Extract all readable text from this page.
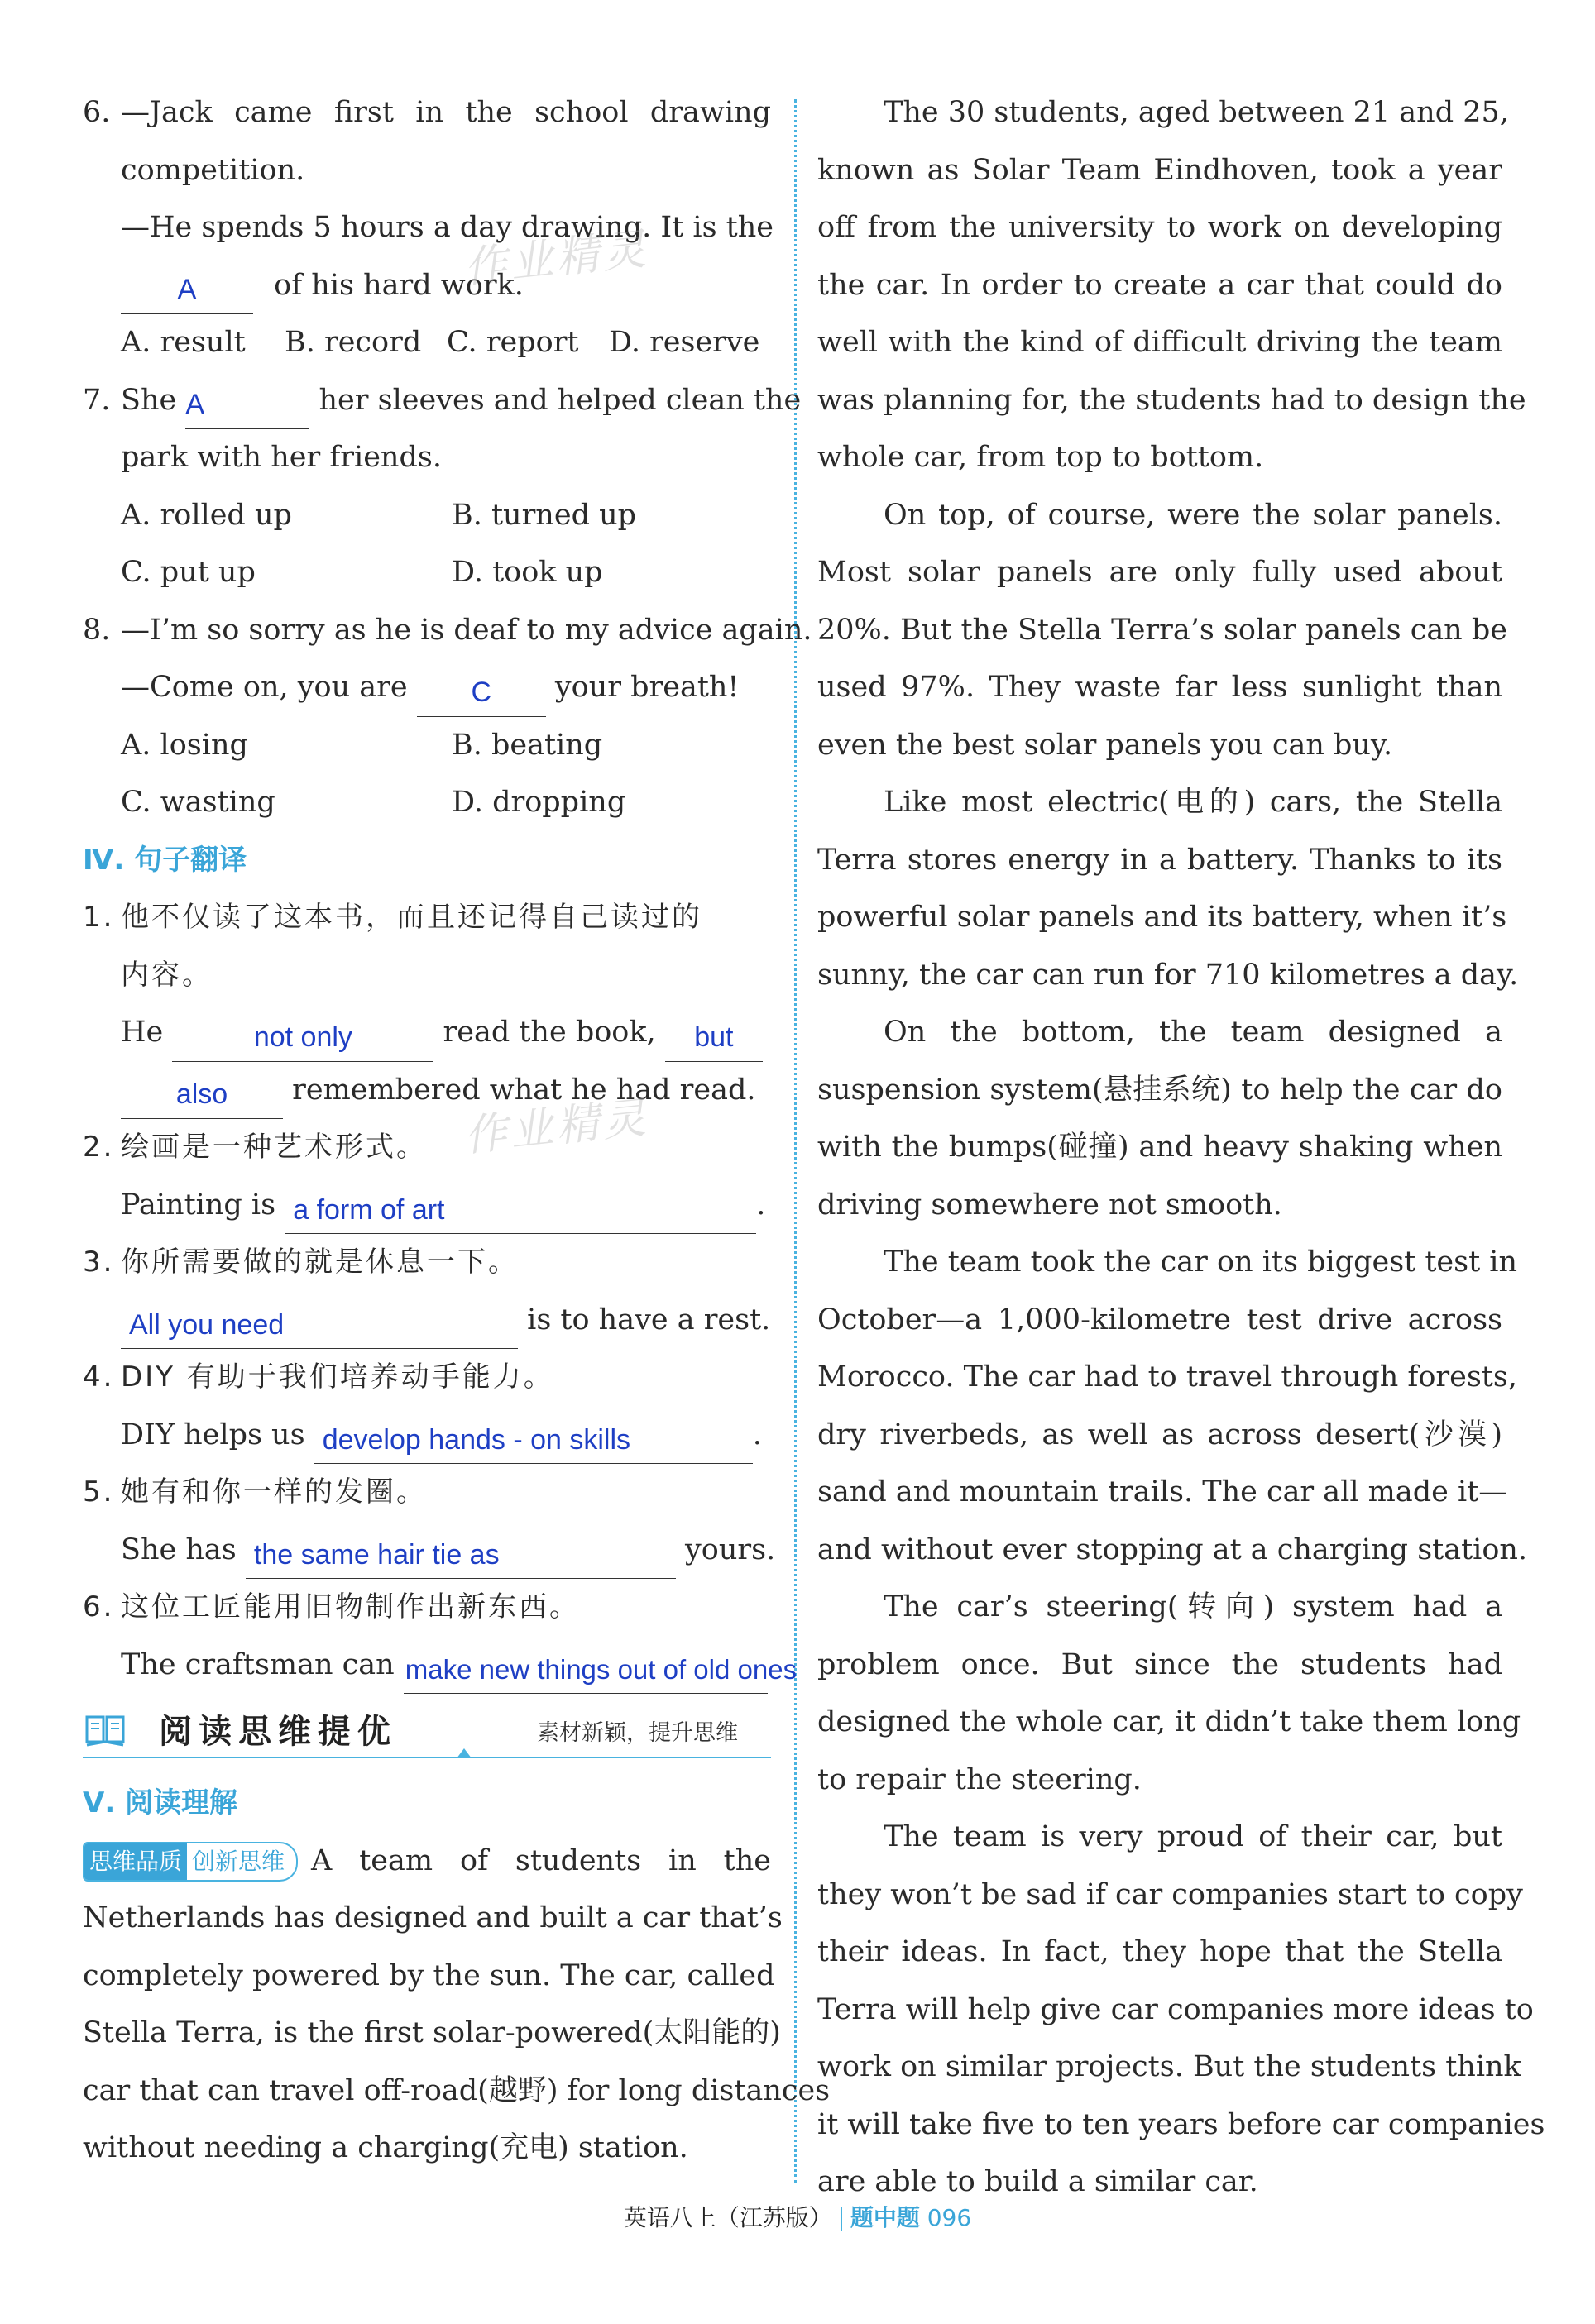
6. —Jack came first in the school drawing
competition.
—He spends 5 hours a day drawing. It is the
A	of his hard work.
A. result B. record C. report D. reserve
7. She A	her sleeves and helped clean the
park with her friends.
A. rolled up	B. turned up
C. put up	D. took up
8. —I’m so sorry as he is deaf to my advice again.
—Come on, you are C your breath!
A. losing	B. beating
C. wasting	D. dropping
Ⅳ. 句子翻译
1. 他不仅读了这本书，而且还记得自己读过的
内容。
He	not only	read the book, but
also remembered what he had read.
2. 绘画是一种艺术形式。
Painting is a form of art	.
3. 你所需要做的就是休息一下。
All you need	is to have a rest.
4. DIY 有助于我们培养动手能力。
DIY helps us develop hands - on skills	.
5. 她有和你一样的发圈。
She has the same hair tie as	yours.
6. 这位工匠能用旧物制作出新东西。
The craftsman can make new things out of old ones
阅读思维提优	素材新颖，提升思维
Ⅴ. 阅读理解
思维品质 创新思维 A team of students in the
Netherlands has designed and built a car that’s
completely powered by the sun. The car, called
Stella Terra, is the first solar-powered(太阳能的)
car that can travel off-road(越野) for long distances
without needing a charging(充电) station.
The 30 students, aged between 21 and 25,
known as Solar Team Eindhoven, took a year
off from the university to work on developing
the car. In order to create a car that could do
well with the kind of difficult driving the team
was planning for, the students had to design the
whole car, from top to bottom.
On top, of course, were the solar panels.
Most solar panels are only fully used about
20%. But the Stella Terra’s solar panels can be
used 97%. They waste far less sunlight than
even the best solar panels you can buy.
Like most electric(电的) cars, the Stella
Terra stores energy in a battery. Thanks to its
powerful solar panels and its battery, when it’s
sunny, the car can run for 710 kilometres a day.
On the bottom, the team designed a
suspension system(悬挂系统) to help the car do
with the bumps(碰撞) and heavy shaking when
driving somewhere not smooth.
The team took the car on its biggest test in
October—a 1,000-kilometre test drive across
Morocco. The car had to travel through forests,
dry riverbeds, as well as across desert(沙漠)
sand and mountain trails. The car all made it—
and without ever stopping at a charging station.
The car’s steering(转向) system had a
problem once. But since the students had
designed the whole car, it didn’t take them long
to repair the steering.
The team is very proud of their car, but
they won’t be sad if car companies start to copy
their ideas. In fact, they hope that the Stella
Terra will help give car companies more ideas to
work on similar projects. But the students think
it will take five to ten years before car companies
are able to build a similar car.
作业精灵
作业精灵
英语八上（江苏版） 题中题 096
